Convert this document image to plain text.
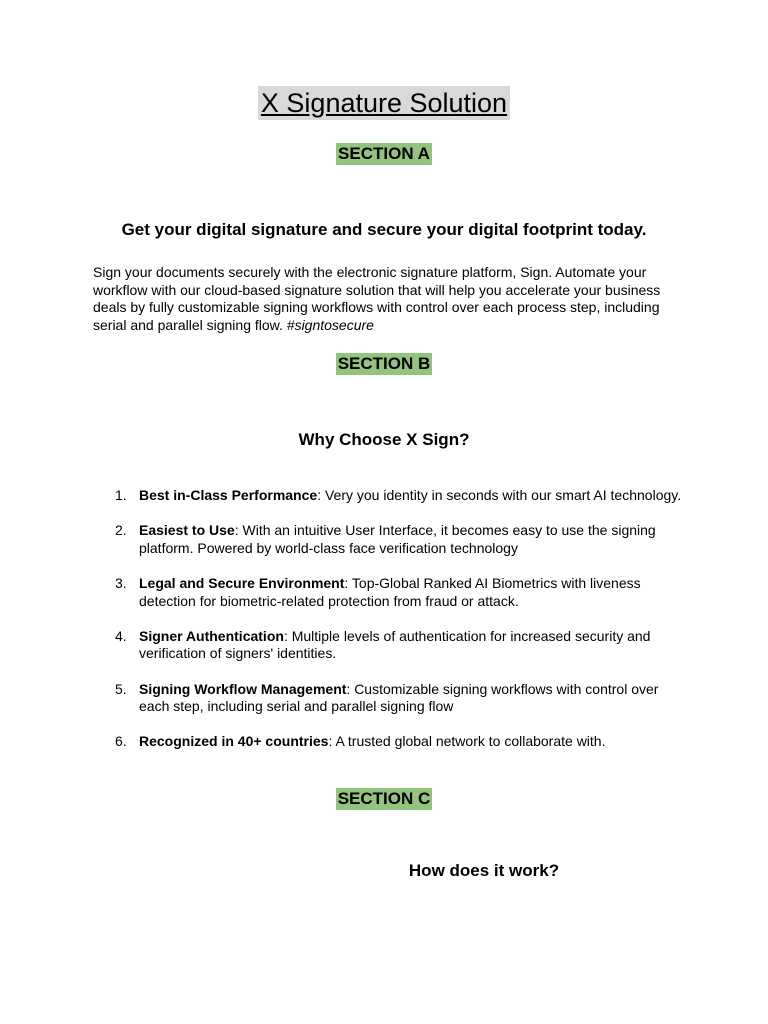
X Signature Solution
SECTION A
Get your digital signature and secure your digital footprint today.

Sign your documents securely with the electronic signature platform, Sign. Automate your workflow with our cloud-based signature solution that will help you accelerate your business deals by fully customizable signing workflows with control over each process step, including serial and parallel signing flow. #signtosecure

SECTION B
Why Choose X Sign?
1. Best in-Class Performance: Very you identity in seconds with our smart AI technology.
2. Easiest to Use: With an intuitive User Interface, it becomes easy to use the signing platform. Powered by world-class face verification technology
3. Legal and Secure Environment: Top-Global Ranked AI Biometrics with liveness detection for biometric-related protection from fraud or attack.
4. Signer Authentication: Multiple levels of authentication for increased security and verification of signers' identities.
5. Signing Workflow Management: Customizable signing workflows with control over each step, including serial and parallel signing flow
6. Recognized in 40+ countries: A trusted global network to collaborate with.
SECTION C
How does it work?
